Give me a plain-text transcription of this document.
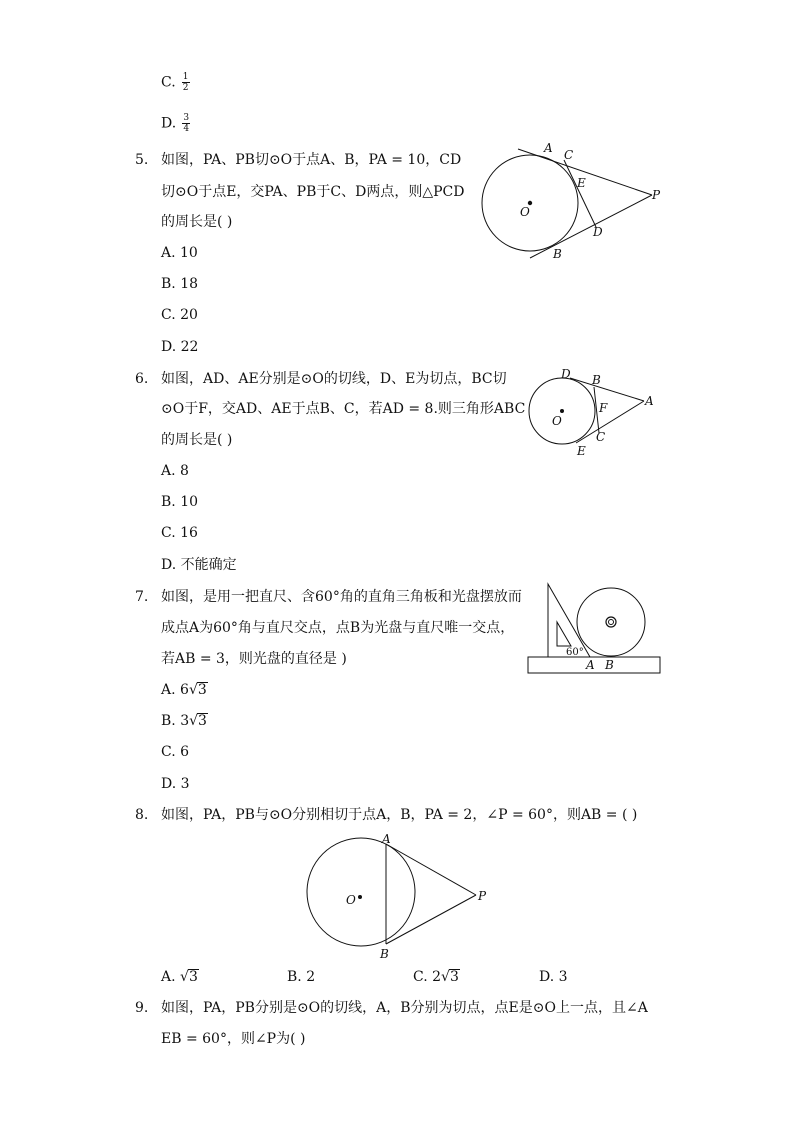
C. $\frac{1}{2}$
D. $\frac{3}{4}$
5. 如图，PA、PB切⊙O于点A、B，PA = 10，CD
切⊙O于点E，交PA、PB于C、D两点，则△PCD
的周长是( )
A. 10
B. 18
C. 20
D. 22
A C
E
P
O
D
B
6. 如图，AD、AE分别是⊙O的切线，D、E为切点，BC切
⊙O于F，交AD、AE于点B、C，若AD = 8.则三角形ABC
的周长是( )
A. 8
B. 10
C. 16
D. 不能确定
D B
F	A
O
C
E
7. 如图，是用一把直尺、含60°角的直角三角板和光盘摆放而
成点A为60°角与直尺交点，点B为光盘与直尺唯一交点，
若AB = 3，则光盘的直径是 )
A. 6√3
B. 3√3
C. 6
D. 3
60°
A B
8. 如图，PA，PB与⊙O分别相切于点A，B，PA = 2，∠P = 60°，则AB = ( )
A
O	P
B
A. √3	B. 2	C. 2√3	D. 3
9. 如图，PA，PB分别是⊙O的切线，A，B分别为切点，点E是⊙O上一点，且∠A
EB = 60°，则∠P为( )
